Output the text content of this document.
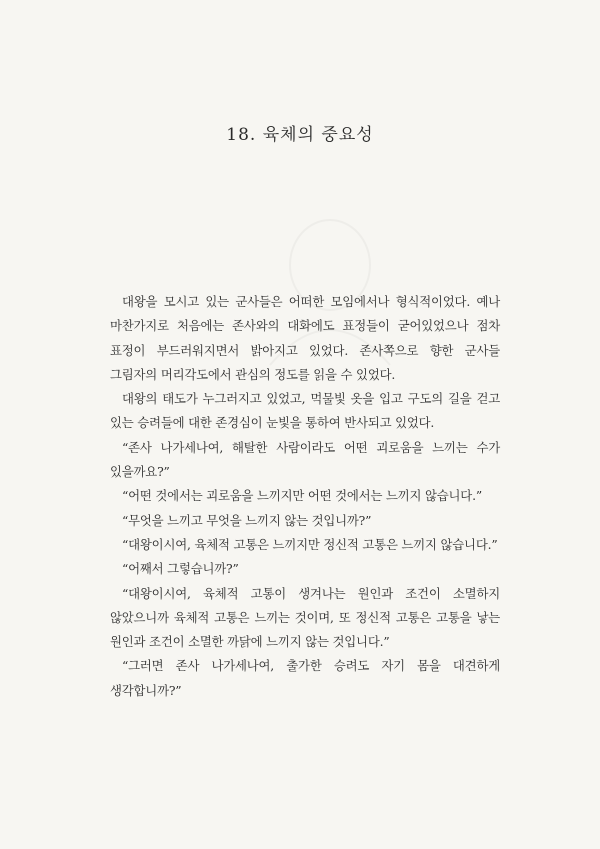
18. 육체의 중요성

대왕을 모시고 있는 군사들은 어떠한 모임에서나 형식적이었다. 예나 마찬가지로 처음에는 존사와의 대화에도 표정들이 굳어있었으나 점차 표정이 부드러워지면서 밝아지고 있었다. 존사쪽으로 향한 군사들 그림자의 머리각도에서 관심의 정도를 읽을 수 있었다.

대왕의 태도가 누그러지고 있었고, 먹물빛 옷을 입고 구도의 길을 걷고 있는 승려들에 대한 존경심이 눈빛을 통하여 반사되고 있었다.

“존사 나가세나여, 해탈한 사람이라도 어떤 괴로움을 느끼는 수가 있을까요?”

“어떤 것에서는 괴로움을 느끼지만 어떤 것에서는 느끼지 않습니다.”

“무엇을 느끼고 무엇을 느끼지 않는 것입니까?”

“대왕이시여, 육체적 고통은 느끼지만 정신적 고통은 느끼지 않습니다.”

“어째서 그렇습니까?”

“대왕이시여, 육체적 고통이 생겨나는 원인과 조건이 소멸하지 않았으니까 육체적 고통은 느끼는 것이며, 또 정신적 고통은 고통을 낳는 원인과 조건이 소멸한 까닭에 느끼지 않는 것입니다.”

“그러면 존사 나가세나여, 출가한 승려도 자기 몸을 대견하게 생각합니까?”
